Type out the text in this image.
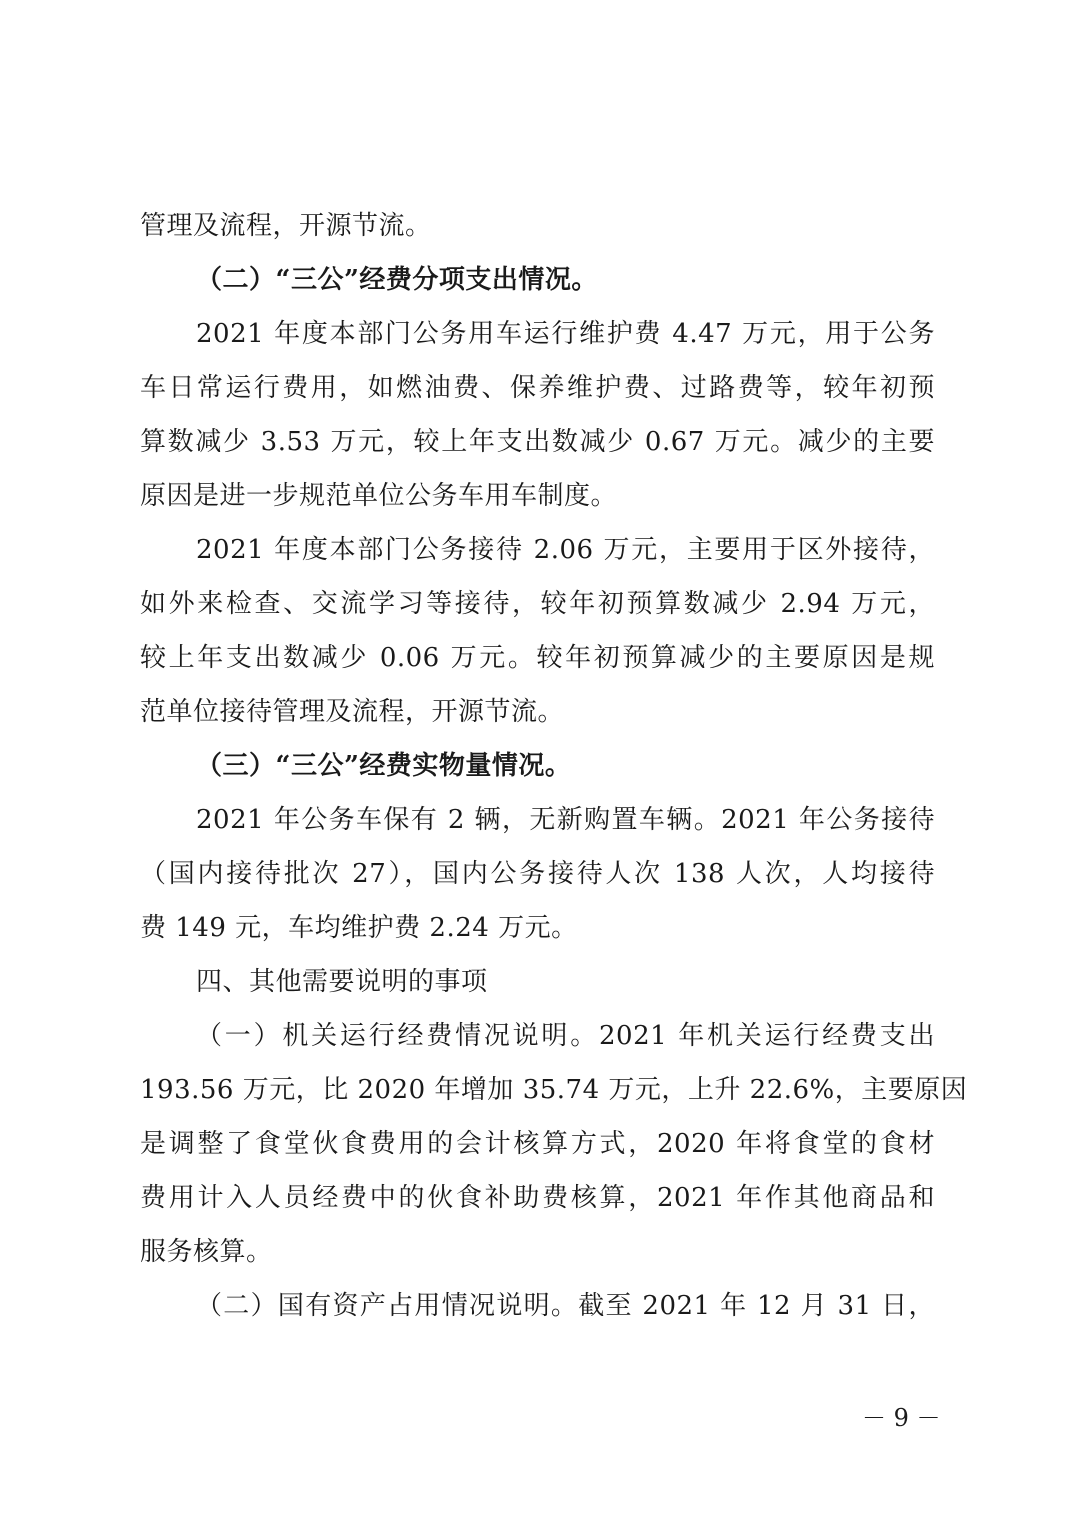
管理及流程，开源节流。
（二）“三公”经费分项支出情况。
2021 年度本部门公务用车运行维护费 4.47 万元，用于公务
车日常运行费用，如燃油费、保养维护费、过路费等，较年初预
算数减少 3.53 万元，较上年支出数减少 0.67 万元。减少的主要
原因是进一步规范单位公务车用车制度。
2021 年度本部门公务接待 2.06 万元，主要用于区外接待，
如外来检查、交流学习等接待，较年初预算数减少 2.94 万元，
较上年支出数减少 0.06 万元。较年初预算减少的主要原因是规
范单位接待管理及流程，开源节流。
（三）“三公”经费实物量情况。
2021 年公务车保有 2 辆，无新购置车辆。2021 年公务接待
（国内接待批次 27），国内公务接待人次 138 人次，人均接待
费 149 元，车均维护费 2.24 万元。
四、其他需要说明的事项
（一）机关运行经费情况说明。2021 年机关运行经费支出
193.56 万元，比 2020 年增加 35.74 万元，上升 22.6%，主要原因
是调整了食堂伙食费用的会计核算方式，2020 年将食堂的食材
费用计入人员经费中的伙食补助费核算，2021 年作其他商品和
服务核算。
（二）国有资产占用情况说明。截至 2021 年 12 月 31 日，
－ 9 －
